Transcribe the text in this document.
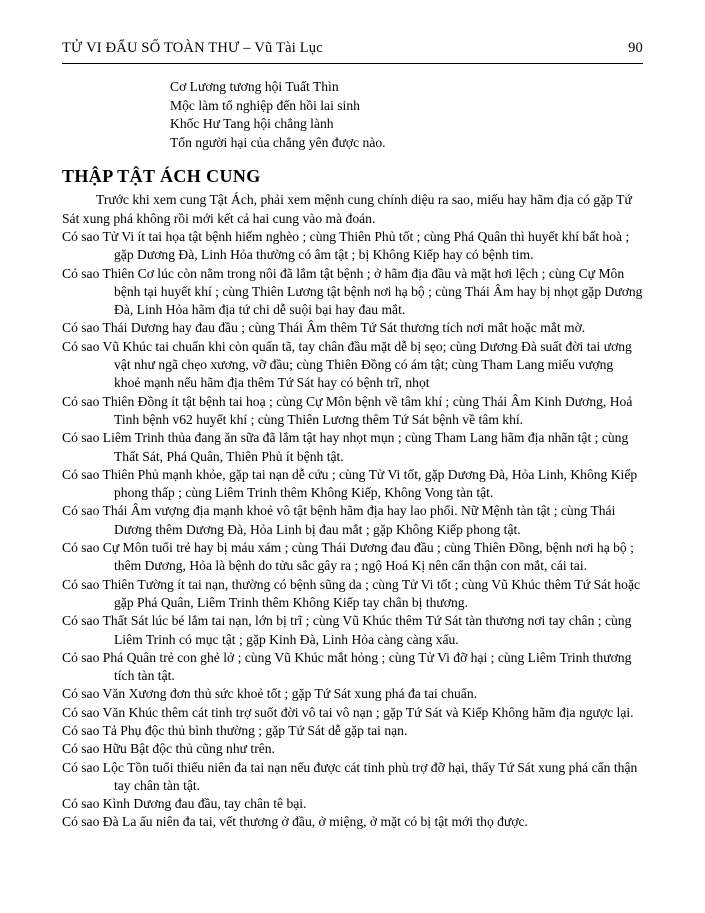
TỬ VI ĐẨU SỐ TOÀN THƯ – Vũ Tài Lục	90
Cơ Lương tương hội Tuất Thìn
Mộc làm tổ nghiệp đến hồi lai sinh
Khốc Hư Tang hội chẳng lành
Tốn người hại của chẳng yên được nào.
THẬP TẬT ÁCH CUNG

Trước khi xem cung Tật Ách, phải xem mệnh cung chính diệu ra sao, miếu hay hãm địa có gặp Tứ Sát xung phá không rồi mới kết cả hai cung vào mà đoán.

Có sao Tử Vi ít tai họa tật bệnh hiểm nghèo ; cùng Thiên Phủ tốt ; cùng Phá Quân thì huyết khí bất hoà ; gặp Dương Đà, Linh Hỏa thường có âm tật ; bị Không Kiếp hay có bệnh tim.

Có sao Thiên Cơ lúc còn nằm trong nôi đã lắm tật bệnh ; ở hãm địa đầu và mặt hơi lệch ; cùng Cự Môn bệnh tại huyết khí ; cùng Thiên Lương tật bệnh nơi hạ bộ ; cùng Thái Âm hay bị nhọt gặp Dương Đà, Linh Hỏa hãm địa tứ chi dễ suội bại hay đau mắt.

Có sao Thái Dương hay đau đầu ; cùng Thái Âm thêm Tứ Sát thương tích nơi mắt hoặc mắt mờ.

Có sao Vũ Khúc tai chuẩn khi còn quấn tã, tay chân đầu mặt dễ bị sẹo; cùng Dương Đà suất đời tai ương vật như ngã chẹo xương, vỡ đầu; cùng Thiên Đồng có ám tật; cùng Tham Lang miếu vượng khoẻ mạnh nếu hãm địa thêm Tứ Sát hay có bệnh trĩ, nhọt

Có sao Thiên Đồng ít tật bệnh tai hoạ ; cùng Cự Môn bệnh về tâm khí ; cùng Thái Âm Kinh Dương, Hoả Tinh bệnh v62 huyết khí ; cùng Thiên Lương thêm Tứ Sát bệnh về tâm khí.

Có sao Liêm Trinh thủa đang ăn sữa đã lắm tật hay nhọt mụn ; cùng Tham Lang hãm địa nhãn tật ; cùng Thất Sát, Phá Quân, Thiên Phủ ít bệnh tật.

Có sao Thiên Phủ mạnh khỏe, gặp tai nạn dễ cứu ; cùng Tử Vi tốt, gặp Dương Đà, Hỏa Linh, Không Kiếp phong thấp ; cùng Liêm Trinh thêm Không Kiếp, Không Vong tàn tật.

Có sao Thái Âm vượng địa mạnh khoẻ vô tật bệnh hãm địa hay lao phổi. Nữ Mệnh tàn tật ; cùng Thái Dương thêm Dương Đà, Hỏa Linh bị đau mắt ; gặp Không Kiếp phong tật.

Có sao Cự Môn tuổi trẻ hay bị máu xám ; cùng Thái Dương đau đầu ; cùng Thiên Đồng, bệnh nơi hạ bộ ; thêm Dương, Hỏa là bệnh do tửu sắc gây ra ; ngộ Hoá Kị nên cẩn thận con mắt, cái tai.

Có sao Thiên Tường ít tai nạn, thường có bệnh sũng da ; cùng Tử Vi tốt ; cùng Vũ Khúc thêm Tứ Sát hoặc gặp Phá Quân, Liêm Trinh thêm Không Kiếp tay chân bị thương.

Có sao Thất Sát lúc bé lắm tai nạn, lớn bị trĩ ; cùng Vũ Khúc thêm Tứ Sát tàn thương nơi tay chân ; cùng Liêm Trinh có mục tật ; gặp Kinh Đà, Linh Hỏa càng càng xấu.

Có sao Phá Quân trẻ con ghẻ lở ; cùng Vũ Khúc mắt hỏng ; cùng Tử Vi đỡ hại ; cùng Liêm Trinh thương tích tàn tật.

Có sao Văn Xương đơn thủ sức khoẻ tốt ; gặp Tứ Sát xung phá đa tai chuẩn.

Có sao Văn Khúc thêm cát tinh trợ suốt đời vô tai vô nạn ; gặp Tứ Sát và Kiếp Không hãm địa ngược lại.

Có sao Tả Phụ độc thủ bình thường ; gặp Tứ Sát dễ gặp tai nạn.

Có sao Hữu Bật độc thủ cũng như trên.

Có sao Lộc Tồn tuổi thiếu niên đa tai nạn nếu được cát tinh phù trợ đỡ hại, thấy Tứ Sát xung phá cẩn thận tay chân tàn tật.

Có sao Kình Dương đau đầu, tay chân tê bại.

Có sao Đà La ấu niên đa tai, vết thương ở đầu, ở miệng, ở mặt có bị tật mới thọ được.
